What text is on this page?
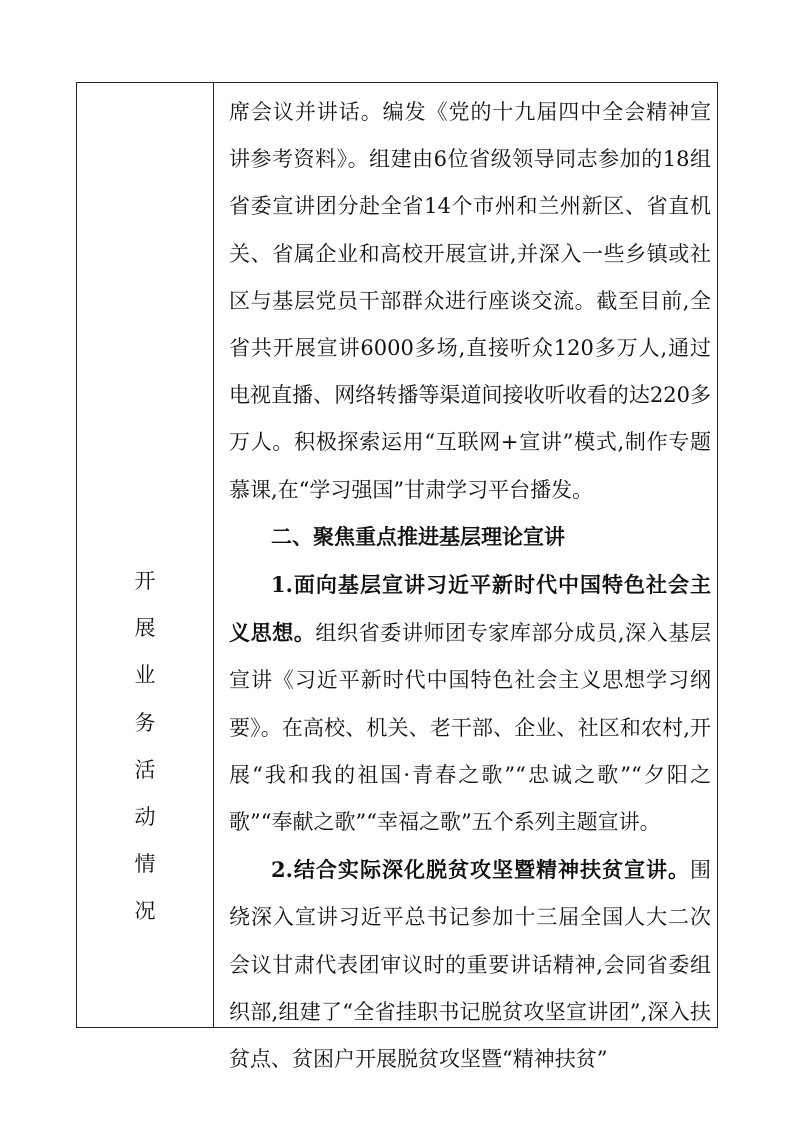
开
展
业
务
活
动
情
况

席会议并讲话。编发《党的十九届四中全会精神宣讲参考资料》。组建由6位省级领导同志参加的18组省委宣讲团分赴全省14个市州和兰州新区、省直机关、省属企业和高校开展宣讲,并深入一些乡镇或社区与基层党员干部群众进行座谈交流。截至目前,全省共开展宣讲6000多场,直接听众120多万人,通过电视直播、网络转播等渠道间接收听收看的达220多万人。积极探索运用“互联网+宣讲”模式,制作专题慕课,在“学习强国”甘肃学习平台播发。

二、聚焦重点推进基层理论宣讲

1.面向基层宣讲习近平新时代中国特色社会主义思想。组织省委讲师团专家库部分成员,深入基层宣讲《习近平新时代中国特色社会主义思想学习纲要》。在高校、机关、老干部、企业、社区和农村,开展“我和我的祖国·青春之歌”“忠诚之歌”“夕阳之歌”“奉献之歌”“幸福之歌”五个系列主题宣讲。

2.结合实际深化脱贫攻坚暨精神扶贫宣讲。围绕深入宣讲习近平总书记参加十三届全国人大二次会议甘肃代表团审议时的重要讲话精神,会同省委组织部,组建了“全省挂职书记脱贫攻坚宣讲团”,深入扶贫点、贫困户开展脱贫攻坚暨“精神扶贫”
